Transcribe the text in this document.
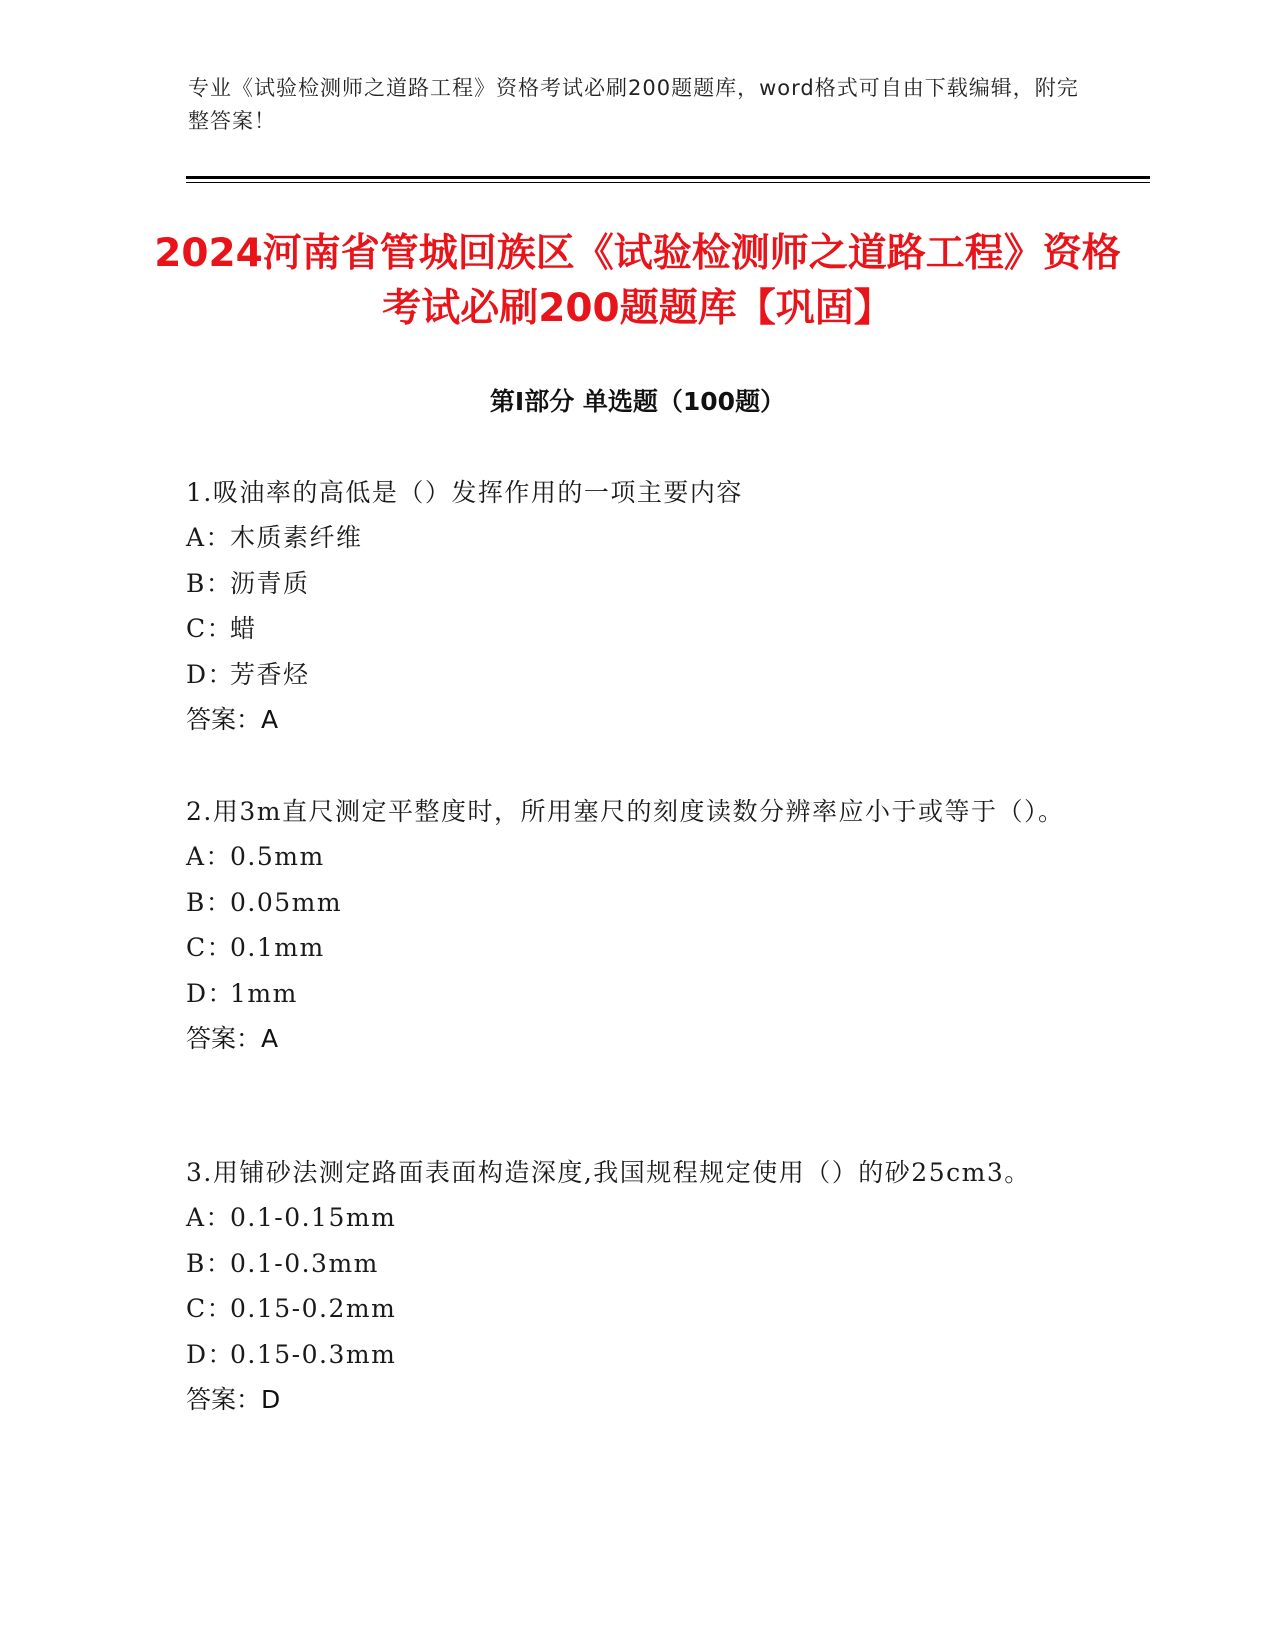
专业《试验检测师之道路工程》资格考试必刷200题题库，word格式可自由下载编辑，附完整答案！
2024河南省管城回族区《试验检测师之道路工程》资格考试必刷200题题库【巩固】
第I部分 单选题（100题）
1.吸油率的高低是（）发挥作用的一项主要内容
A：木质素纤维
B：沥青质
C：蜡
D：芳香烃
答案：A
2.用3m直尺测定平整度时，所用塞尺的刻度读数分辨率应小于或等于（）。
A：0.5mm
B：0.05mm
C：0.1mm
D：1mm
答案：A
3.用铺砂法测定路面表面构造深度,我国规程规定使用（）的砂25cm3。
A：0.1-0.15mm
B：0.1-0.3mm
C：0.15-0.2mm
D：0.15-0.3mm
答案：D
